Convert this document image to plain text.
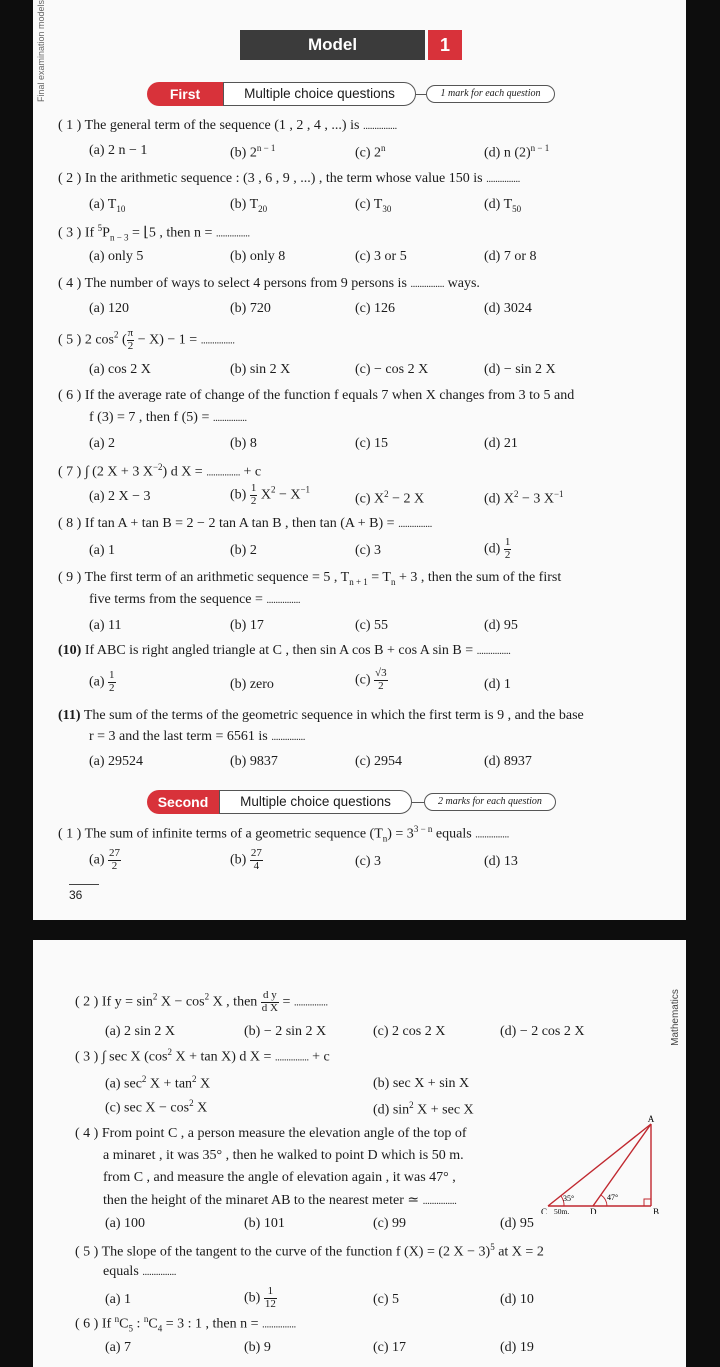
Final examination models	Model	1
First	Multiple choice questions	1 mark for each question
( 1 ) The general term of the sequence (1 , 2 , 4 , ...) is ...............
(a) 2 n − 1	(b) $2^{n - 1}$	(c) 2$^n$	(d) n $(2)^{n - 1}$
( 2 ) In the arithmetic sequence : (3 , 6 , 9 , ...) , the term whose value 150 is ...............
(a) $T_{10}$	(b) $T_{20}$	(c) $T_{30}$	(d) $T_{50}$
( 3 ) If $^5P_{n - 3}$ = ⌊5 , then n = ...............
(a) only 5	(b) only 8	(c) 3 or 5	(d) 7 or 8
( 4 ) The number of ways to select 4 persons from 9 persons is ............... ways.
(a) 120	(b) 720	(c) 126	(d) 3024
( 5 ) 2 $\cos^2$ ( $\frac{\pi}{2} - X) - 1$ = ...............
(a) cos 2 X	(b) sin 2 X	(c) − cos 2 X	(d) − sin 2 X
( 6 ) If the average rate of change of the function f equals 7 when X changes from 3 to 5 and
f (3) = 7 , then f (5) = ...............
(a) 2	(b) 8	(c) 15	(d) 21
( 7 ) ∫ (2 X + 3 $X^{-2}$) d X = ............... + c
(a) 2 X − 3	$(b) \frac{1}{2} X^2 - X^{-1}$
(c) $X^2 - 2$ X	(d) $X^2 - 3$ $X^{-1}$
( 8 ) If tan A + tan B = 2 − 2 tan A tan B , then tan (A + B) = ...............
(a) 1	(b) 2	(c) 3	$(d) \frac{1}{2}$
( 9 ) The first term of an arithmetic sequence = 5 , $T_{n + 1} = T_n + 3$ , then the sum of the first
five terms from the sequence = ...............
(a) 11	(b) 17	(c) 55	(d) 95
(10) If ABC is right angled triangle at C , then sin A cos B + cos A sin B = ...............
$(a) \frac{1}{2}$	(b) zero	$(c) \frac{√3}{2}$	(d) 1
(11) The sum of the terms of the geometric sequence in which the first term is 9 , and the base
r = 3 and the last term = 6561 is ...............
(a) 29524	(b) 9837	(c) 2954	(d) 8937
Second	Multiple choice questions	2 marks for each question
( 1 ) The sum of infinite terms of a geometric sequence $(T_n) = 3^{3 - n}$ equals ...............
$(a) \frac{27}{2}$	$(b) \frac{27}{4}$	(c) 3	(d) 13
36
Mathematics
( 2 ) If $y = \sin^2 X - \cos^2 X$ , then $\frac{\text{d y}}{\text{d X}}$ = ...............
(a) 2 sin 2 X	(b) − 2 sin 2 X	(c) 2 cos 2 X	(d) − 2 cos 2 X
( 3 ) ∫ sec X ($\cos^2$ X + tan X) d X = ............... + c
(a) $\sec^2 X + \tan^2 X$	(b) sec X + sin X
(c) $\sec X - \cos^2 X$	(d) $\sin^2 X + \sec X$
( 4 ) From point C , a person measure the elevation angle of the top of
a minaret , it was 35° , then he walked to point D which is 50 m.
from C , and measure the angle of elevation again , it was 47° ,
then the height of the minaret AB to the nearest meter ≃ ...............
(a) 100	(b) 101	(c) 99	(d) 95
A
B
C	D
35°	47°
50m.
( 5 ) The slope of the tangent to the curve of the function f (X) = (2 X − 3)$^5$ at X = 2
equals ...............
(a) 1	$(b) \frac{1}{12}$	(c) 5	(d) 10
( 6 ) If $^nC_5$ : $^nC_4 = 3$ : 1 , then n = ...............
(a) 7	(b) 9	(c) 17	(d) 19
